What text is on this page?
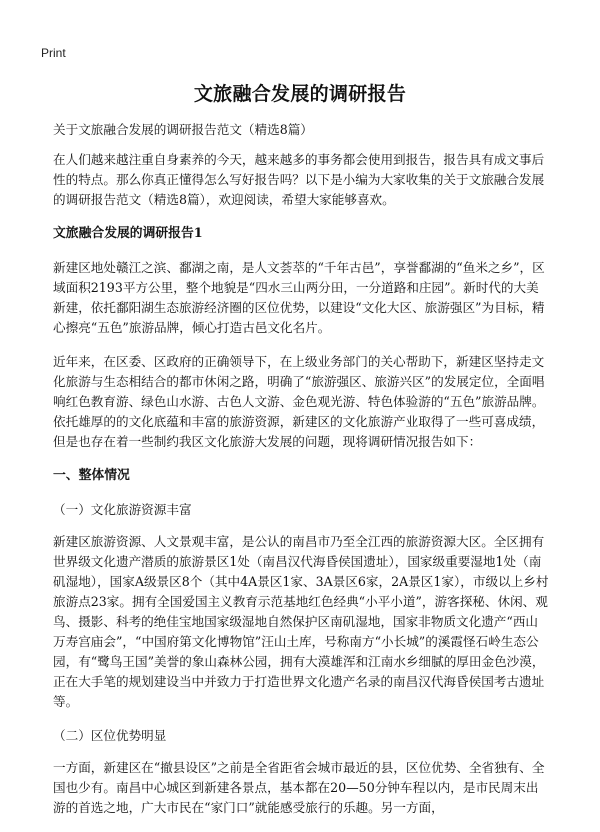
Print
文旅融合发展的调研报告

关于文旅融合发展的调研报告范文（精选8篇）

在人们越来越注重自身素养的今天，越来越多的事务都会使用到报告，报告具有成文事后性的特点。那么你真正懂得怎么写好报告吗？以下是小编为大家收集的关于文旅融合发展的调研报告范文（精选8篇），欢迎阅读，希望大家能够喜欢。

文旅融合发展的调研报告1

新建区地处赣江之滨、鄱湖之南，是人文荟萃的“千年古邑”，享誉鄱湖的“鱼米之乡”，区域面积2193平方公里，整个地貌是“四水三山两分田，一分道路和庄园”。新时代的大美新建，依托鄱阳湖生态旅游经济圈的区位优势，以建设“文化大区、旅游强区”为目标，精心擦亮“五色”旅游品牌，倾心打造古邑文化名片。

近年来，在区委、区政府的正确领导下，在上级业务部门的关心帮助下，新建区坚持走文化旅游与生态相结合的都市休闲之路，明确了“旅游强区、旅游兴区”的发展定位，全面唱响红色教育游、绿色山水游、古色人文游、金色观光游、特色体验游的“五色”旅游品牌。依托雄厚的的文化底蕴和丰富的旅游资源，新建区的文化旅游产业取得了一些可喜成绩，但是也存在着一些制约我区文化旅游大发展的问题，现将调研情况报告如下：

一、整体情况

（一）文化旅游资源丰富

新建区旅游资源、人文景观丰富，是公认的南昌市乃至全江西的旅游资源大区。全区拥有世界级文化遗产潜质的旅游景区1处（南昌汉代海昏侯国遗址），国家级重要湿地1处（南矶湿地），国家A级景区8个（其中4A景区1家、3A景区6家，2A景区1家），市级以上乡村旅游点23家。拥有全国爱国主义教育示范基地红色经典“小平小道”，游客探秘、休闲、观鸟、摄影、科考的绝佳宝地国家级湿地自然保护区南矶湿地，国家非物质文化遗产“西山万寿宫庙会”，“中国府第文化博物馆”汪山土库，号称南方“小长城”的溪霞怪石岭生态公园，有“鹭鸟王国”美誉的象山森林公园，拥有大漠雄浑和江南水乡细腻的厚田金色沙漠，正在大手笔的规划建设当中并致力于打造世界文化遗产名录的南昌汉代海昏侯国考古遗址等。

（二）区位优势明显

一方面，新建区在“撤县设区”之前是全省距省会城市最近的县，区位优势、全省独有、全国也少有。南昌中心城区到新建各景点，基本都在20—50分钟车程以内，是市民周末出游的首选之地，广大市民在“家门口”就能感受旅行的乐趣。另一方面，
